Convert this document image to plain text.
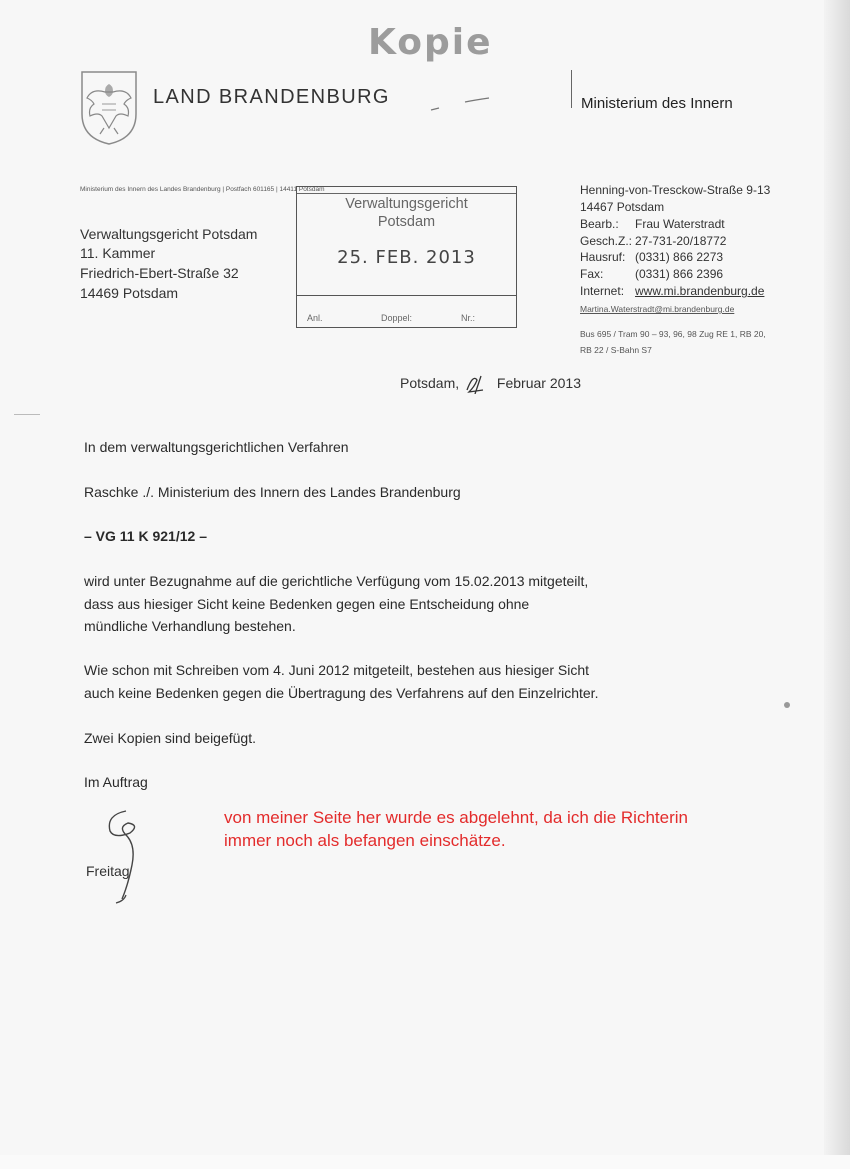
Kopie
LAND BRANDENBURG	Ministerium des Innern
Ministerium des Innern des Landes Brandenburg | Postfach 601165 | 14411 Potsdam
Verwaltungsgericht Potsdam
11. Kammer
Friedrich-Ebert-Straße 32
14469 Potsdam
Verwaltungsgericht
Potsdam
25. FEB. 2013
Anl.	Doppel:	Nr.:
Henning-von-Tresckow-Straße 9-13
14467 Potsdam
Bearb.: Frau Waterstradt
Gesch.Z.: 27-731-20/18772
Hausruf: (0331) 866 2273
Fax:	(0331) 866 2396
Internet: www.mi.brandenburg.de
Martina.Waterstradt@mi.brandenburg.de
Bus 695 / Tram 90 – 93, 96, 98 Zug RE 1, RB 20,
RB 22 / S-Bahn S7
Potsdam,	Februar 2013
In dem verwaltungsgerichtlichen Verfahren
Raschke ./. Ministerium des Innern des Landes Brandenburg
– VG 11 K 921/12 –
wird unter Bezugnahme auf die gerichtliche Verfügung vom 15.02.2013 mitgeteilt,
dass aus hiesiger Sicht keine Bedenken gegen eine Entscheidung ohne
mündliche Verhandlung bestehen.
Wie schon mit Schreiben vom 4. Juni 2012 mitgeteilt, bestehen aus hiesiger Sicht
auch keine Bedenken gegen die Übertragung des Verfahrens auf den Einzelrichter.
Zwei Kopien sind beigefügt.
Im Auftrag
von meiner Seite her wurde es abgelehnt, da ich die Richterin
immer noch als befangen einschätze.
Freitag
